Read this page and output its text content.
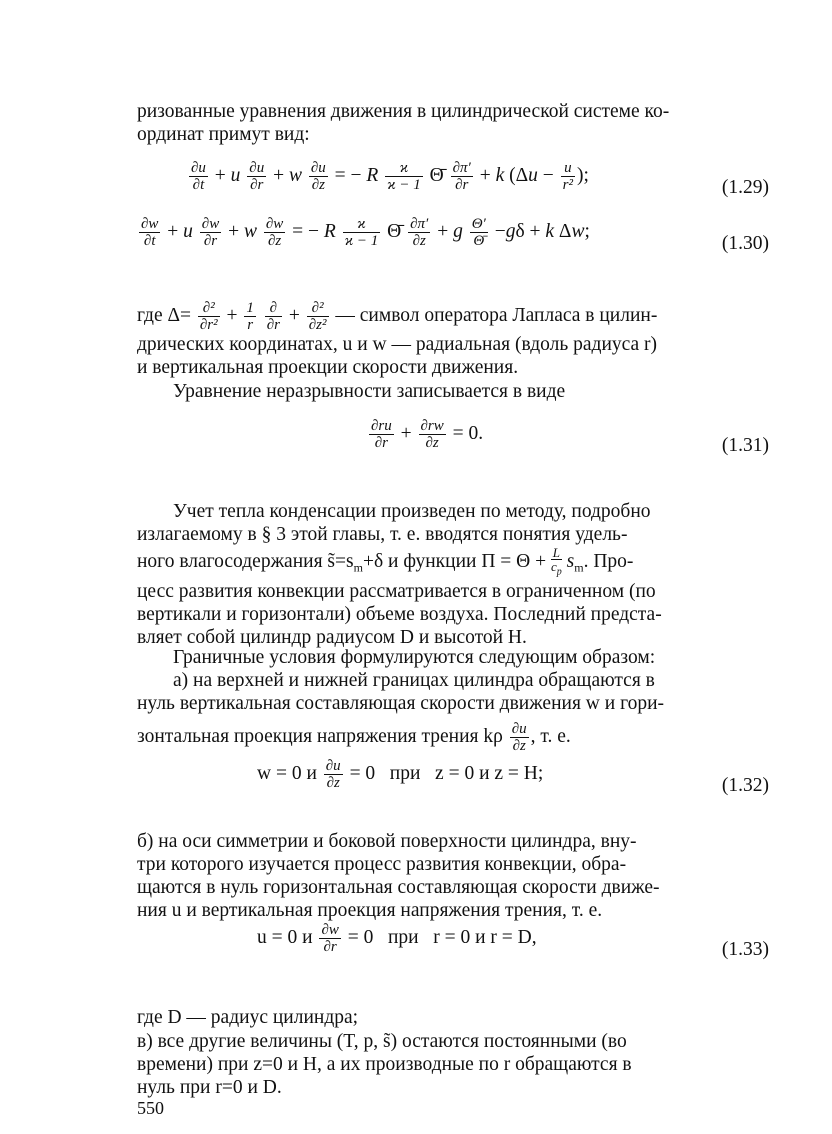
ризованные уравнения движения в цилиндрической системе ко-
ординат примут вид:

$\frac{\partial u}{\partial t} + u \frac{\partial u}{\partial r} + w \frac{\partial u}{\partial z}$ = − R $\frac{ϰ}{ϰ - 1}$ Θ̄ $\frac{\partial\pi'}{\partial r} + k$ ($\Delta u - \frac{u}{\text{r²}}$ );
(1.29)
$\frac{\partial w}{\partial t} + u \frac{\partial w}{\partial r} + w \frac{\partial w}{\partial z}$ = − R $\frac{ϰ}{ϰ - 1}$ Θ̄ $\frac{\partial\pi'}{\partial z} + g \frac{\Theta'}{\Thetā} -g\delta + k$ Δw;
(1.30)

где $\Delta= \frac{\text{∂²}}{\text{∂r²}} + \frac{1}{r}$
$\frac{\partial}{\partial r} + \frac{\text{∂²}}{\text{∂z²}}$ — символ оператора Лапласа в цилин-
дрических координатах, u и w — радиальная (вдоль радиуса r)
и вертикальная проекции скорости движения.

Уравнение неразрывности записывается в виде

$\frac{\partial ru}{\partial r} + \frac{\partial rw}{\partial z} = 0$.
(1.31)

Учет тепла конденсации произведен по методу, подробно
излагаемому в § 3 этой главы, т. е. вводятся понятия удель-
ного влагосодержания $s̃=s_m+\delta$ и функции $\Pi = \Theta + \frac{L}{c_p} s_m$. Про-
цесс развития конвекции рассматривается в ограниченном (по
вертикали и горизонтали) объеме воздуха. Последний предста-
вляет собой цилиндр радиусом D и высотой H.

Граничные условия формулируются следующим образом:
а) на верхней и нижней границах цилиндра обращаются в
нуль вертикальная составляющая скорости движения w и гори-
зонтальная проекция напряжения трения kρ $\frac{\partial u}{\partial z}$ , т. е.

w = 0 и $\frac{\partial u}{\partial z} = 0$   при   z = 0 и z = H;
(1.32)

б) на оси симметрии и боковой поверхности цилиндра, вну-
три которого изучается процесс развития конвекции, обра-
щаются в нуль горизонтальная составляющая скорости движе-
ния u и вертикальная проекция напряжения трения, т. е.

u = 0 и $\frac{\partial w}{\partial r} = 0$   при   r = 0 и r = D,
(1.33)

где D — радиус цилиндра;

в) все другие величины (T, p, s̃) остаются постоянными (во
времени) при z=0 и H, а их производные по r обращаются в
нуль при r=0 и D.

550
